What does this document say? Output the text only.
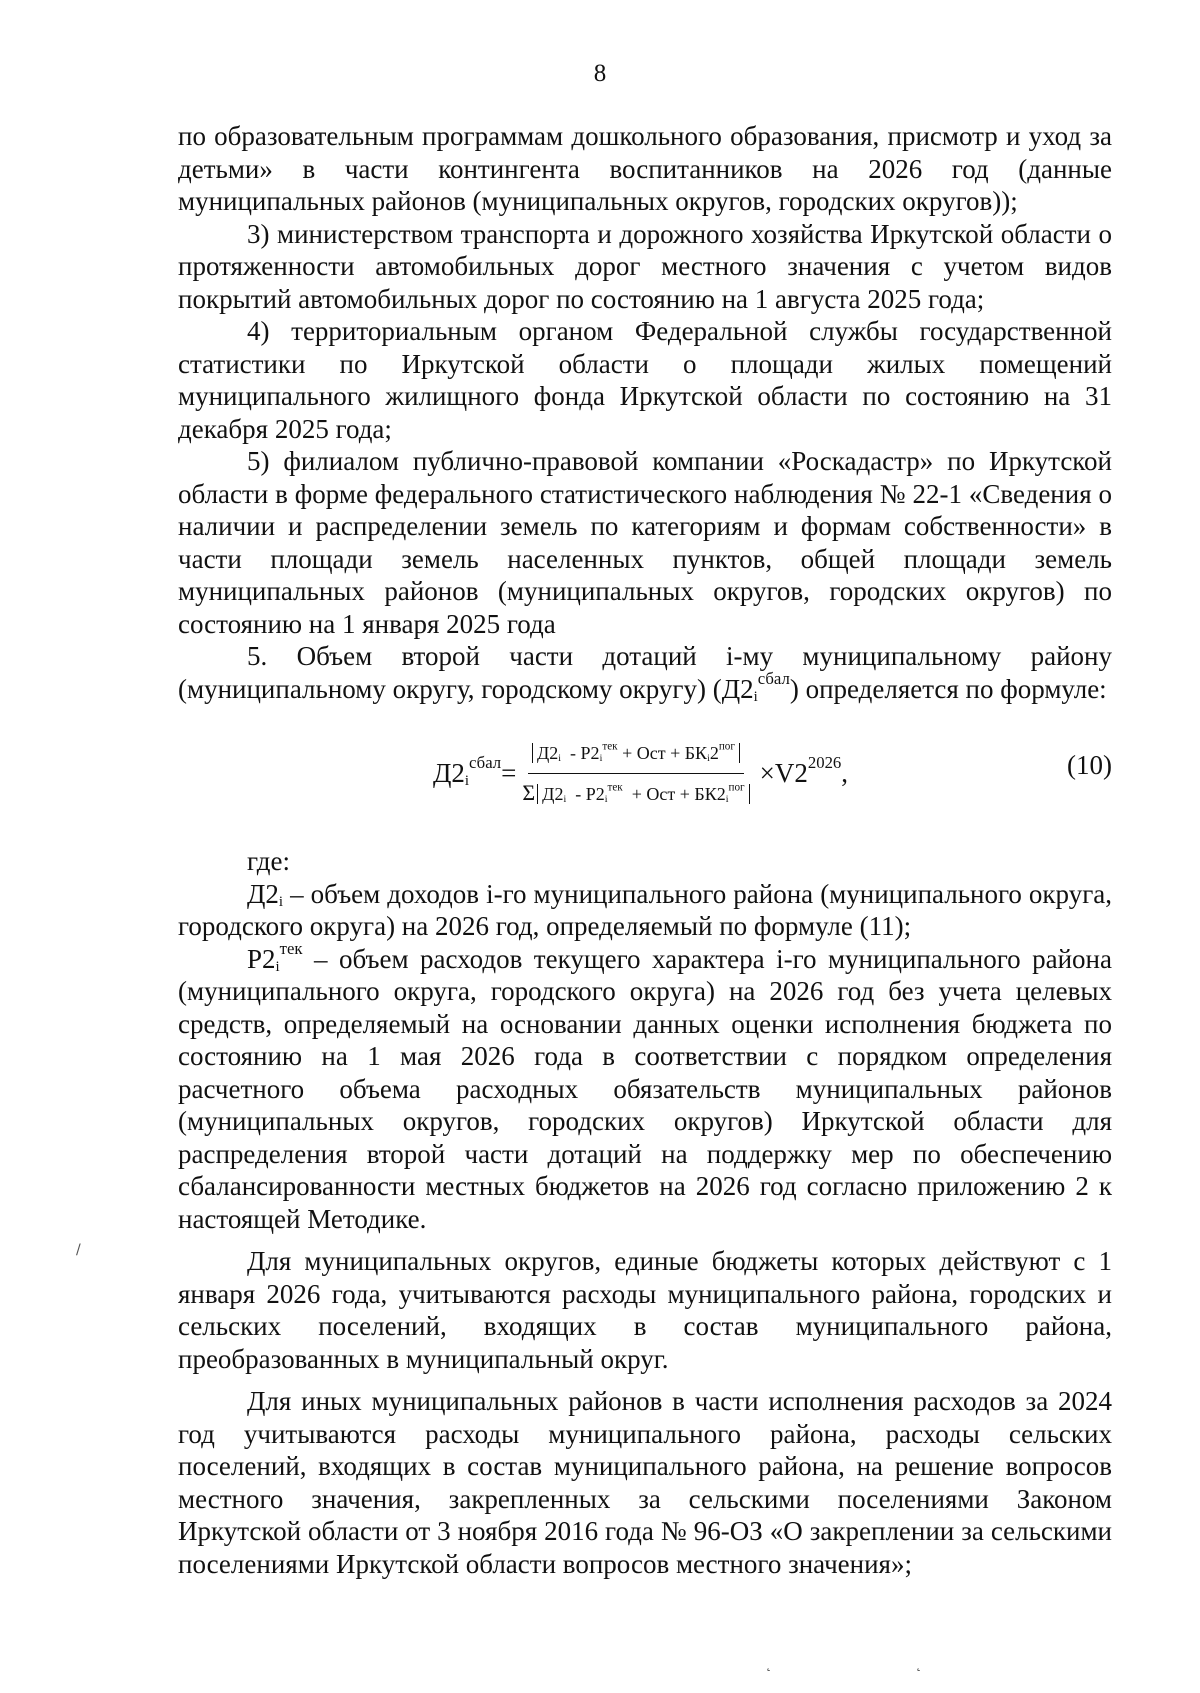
8

по образовательным программам дошкольного образования, присмотр и уход за детьми» в части контингента воспитанников на 2026 год (данные муниципальных районов (муниципальных округов, городских округов));

3) министерством транспорта и дорожного хозяйства Иркутской области о протяженности автомобильных дорог местного значения с учетом видов покрытий автомобильных дорог по состоянию на 1 августа 2025 года;

4) территориальным органом Федеральной службы государственной статистики по Иркутской области о площади жилых помещений муниципального жилищного фонда Иркутской области по состоянию на 31 декабря 2025 года;

5) филиалом публично-правовой компании «Роскадастр» по Иркутской области в форме федерального статистического наблюдения № 22-1 «Сведения о наличии и распределении земель по категориям и формам собственности» в части площади земель населенных пунктов, общей площади земель муниципальных районов (муниципальных округов, городских округов) по состоянию на 1 января 2025 года

5. Объем второй части дотаций i-му муниципальному району (муниципальному округу, городскому округу) $(Д2_i^{сбал})$ определяется по формуле:

$Д2_i^{сбал}= \frac{Д2_i - Р2_i^{тек} + Ост + БК_i2^{пог}}{\Sigma Д2_i - Р2_i^{тек} + Ост + БК2_i^{пог}} \times V2^{2026}$,	(10)

где:

$Д2_i$ – объем доходов i-го муниципального района (муниципального округа, городского округа) на 2026 год, определяемый по формуле (11);

$Р2_i^{тек}$ – объем расходов текущего характера i-го муниципального района (муниципального округа, городского округа) на 2026 год без учета целевых средств, определяемый на основании данных оценки исполнения бюджета по состоянию на 1 мая 2026 года в соответствии с порядком определения расчетного объема расходных обязательств муниципальных районов (муниципальных округов, городских округов) Иркутской области для распределения второй части дотаций на поддержку мер по обеспечению сбалансированности местных бюджетов на 2026 год согласно приложению 2 к настоящей Методике.

Для муниципальных округов, единые бюджеты которых действуют с 1 января 2026 года, учитываются расходы муниципального района, городских и сельских поселений, входящих в состав муниципального района, преобразованных в муниципальный округ.

Для иных муниципальных районов в части исполнения расходов за 2024 год учитываются расходы муниципального района, расходы сельских поселений, входящих в состав муниципального района, на решение вопросов местного значения, закрепленных за сельскими поселениями Законом Иркутской области от 3 ноября 2016 года № 96-ОЗ «О закреплении за сельскими поселениями Иркутской области вопросов местного значения»;

/
˛	˛
